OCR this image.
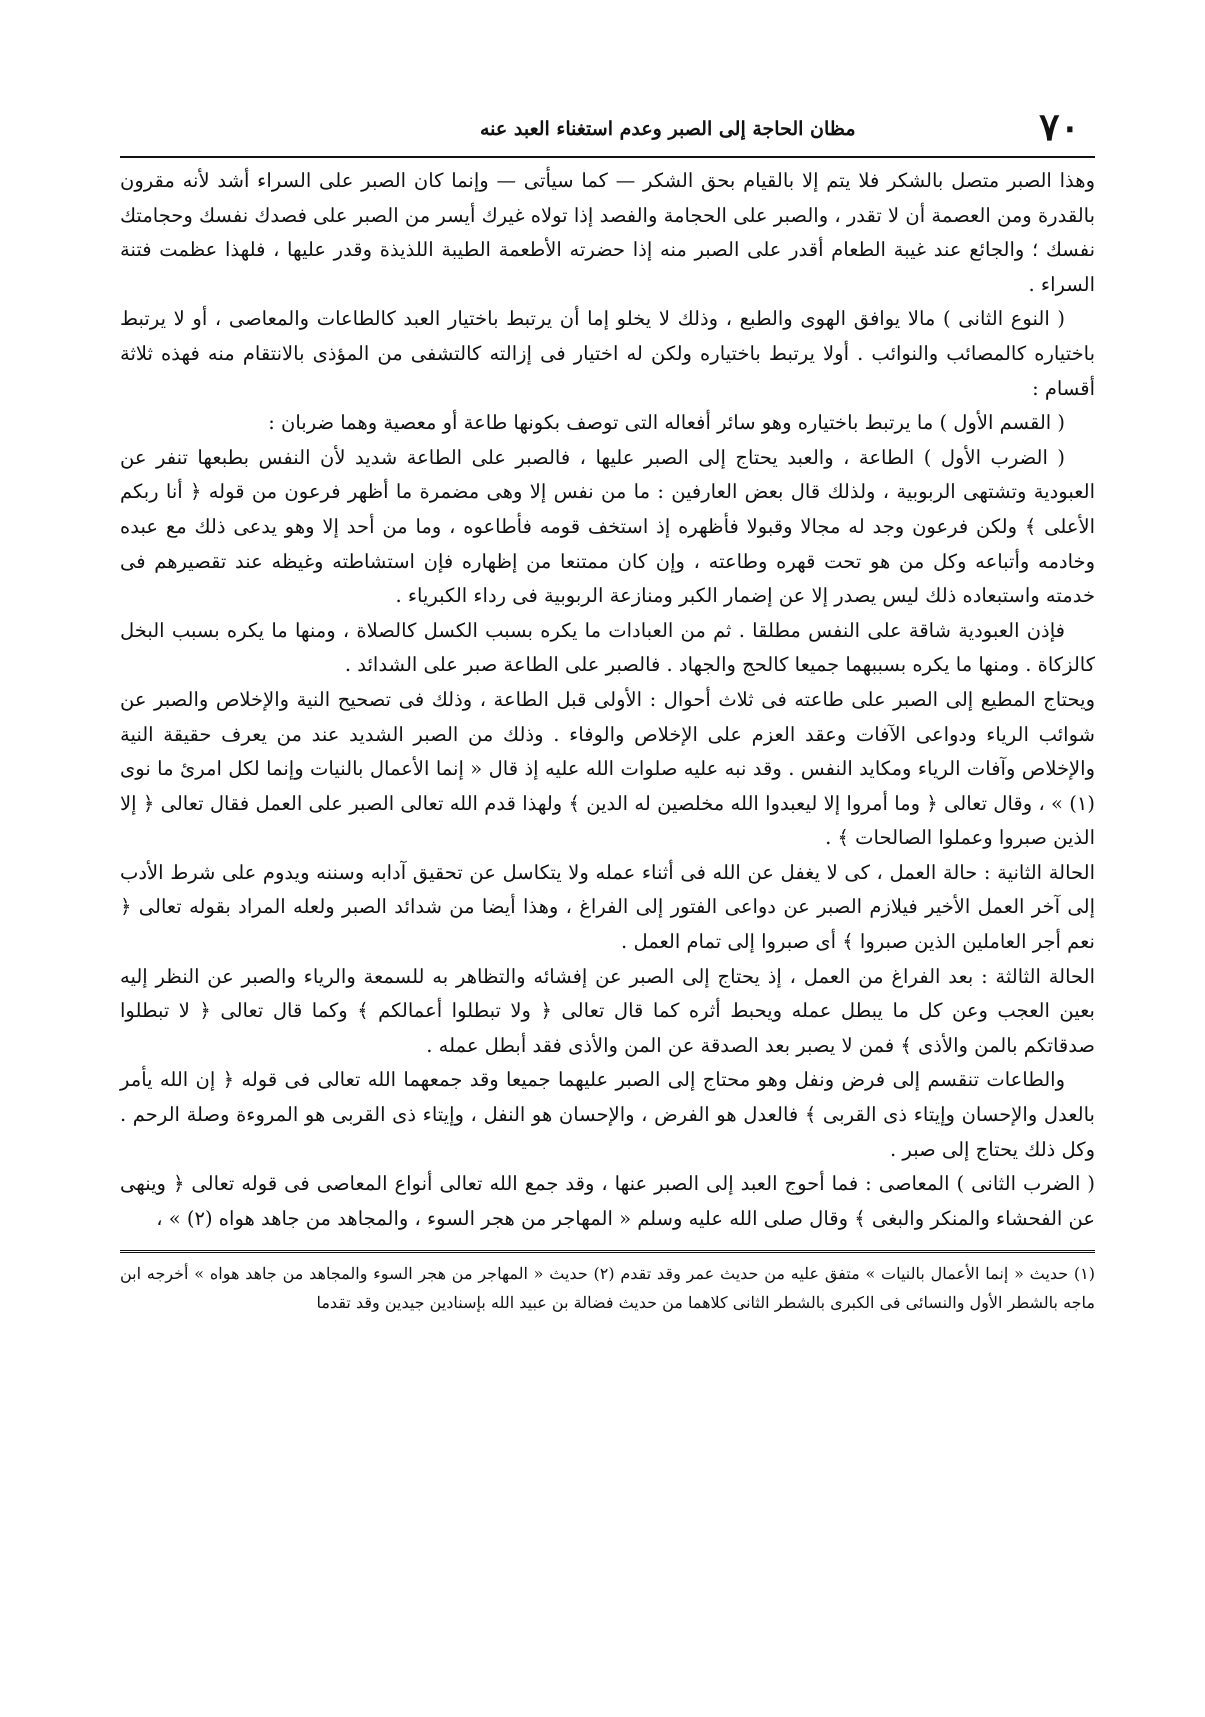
٧٠
مظان الحاجة إلى الصبر وعدم استغناء العبد عنه

وهذا الصبر متصل بالشكر فلا يتم إلا بالقيام بحق الشكر — كما سيأتى — وإنما كان الصبر على السراء أشد لأنه مقرون بالقدرة ومن العصمة أن لا تقدر ، والصبر على الحجامة والفصد إذا تولاه غيرك أيسر من الصبر على فصدك نفسك وحجامتك نفسك ؛ والجائع عند غيبة الطعام أقدر على الصبر منه إذا حضرته الأطعمة الطيبة اللذيذة وقدر عليها ، فلهذا عظمت فتنة السراء .

( النوع الثانى ) مالا يوافق الهوى والطبع ، وذلك لا يخلو إما أن يرتبط باختيار العبد كالطاعات والمعاصى ، أو لا يرتبط باختياره كالمصائب والنوائب . أولا يرتبط باختياره ولكن له اختيار فى إزالته كالتشفى من المؤذى بالانتقام منه فهذه ثلاثة أقسام :

( القسم الأول ) ما يرتبط باختياره وهو سائر أفعاله التى توصف بكونها طاعة أو معصية وهما ضربان :

( الضرب الأول ) الطاعة ، والعبد يحتاج إلى الصبر عليها ، فالصبر على الطاعة شديد لأن النفس بطبعها تنفر عن العبودية وتشتهى الربوبية ، ولذلك قال بعض العارفين : ما من نفس إلا وهى مضمرة ما أظهر فرعون من قوله ﴿ أنا ربكم الأعلى ﴾ ولكن فرعون وجد له مجالا وقبولا فأظهره إذ استخف قومه فأطاعوه ، وما من أحد إلا وهو يدعى ذلك مع عبده وخادمه وأتباعه وكل من هو تحت قهره وطاعته ، وإن كان ممتنعا من إظهاره فإن استشاطته وغيظه عند تقصيرهم فى خدمته واستبعاده ذلك ليس يصدر إلا عن إضمار الكبر ومنازعة الربوبية فى رداء الكبرياء .

فإذن العبودية شاقة على النفس مطلقا . ثم من العبادات ما يكره بسبب الكسل كالصلاة ، ومنها ما يكره بسبب البخل كالزكاة . ومنها ما يكره بسببهما جميعا كالحج والجهاد . فالصبر على الطاعة صبر على الشدائد .

ويحتاج المطيع إلى الصبر على طاعته فى ثلاث أحوال : الأولى قبل الطاعة ، وذلك فى تصحيح النية والإخلاص والصبر عن شوائب الرياء ودواعى الآفات وعقد العزم على الإخلاص والوفاء . وذلك من الصبر الشديد عند من يعرف حقيقة النية والإخلاص وآفات الرياء ومكايد النفس . وقد نبه عليه صلوات الله عليه إذ قال « إنما الأعمال بالنيات وإنما لكل امرئ ما نوى (١) » ، وقال تعالى ﴿ وما أمروا إلا ليعبدوا الله مخلصين له الدين ﴾ ولهذا قدم الله تعالى الصبر على العمل فقال تعالى ﴿ إلا الذين صبروا وعملوا الصالحات ﴾ .

الحالة الثانية : حالة العمل ، كى لا يغفل عن الله فى أثناء عمله ولا يتكاسل عن تحقيق آدابه وسننه ويدوم على شرط الأدب إلى آخر العمل الأخير فيلازم الصبر عن دواعى الفتور إلى الفراغ ، وهذا أيضا من شدائد الصبر ولعله المراد بقوله تعالى ﴿ نعم أجر العاملين الذين صبروا ﴾ أى صبروا إلى تمام العمل .

الحالة الثالثة : بعد الفراغ من العمل ، إذ يحتاج إلى الصبر عن إفشائه والتظاهر به للسمعة والرياء والصبر عن النظر إليه بعين العجب وعن كل ما يبطل عمله ويحبط أثره كما قال تعالى ﴿ ولا تبطلوا أعمالكم ﴾ وكما قال تعالى ﴿ لا تبطلوا صدقاتكم بالمن والأذى ﴾ فمن لا يصبر بعد الصدقة عن المن والأذى فقد أبطل عمله .

والطاعات تنقسم إلى فرض ونفل وهو محتاج إلى الصبر عليهما جميعا وقد جمعهما الله تعالى فى قوله ﴿ إن الله يأمر بالعدل والإحسان وإيتاء ذى القربى ﴾ فالعدل هو الفرض ، والإحسان هو النفل ، وإيتاء ذى القربى هو المروءة وصلة الرحم . وكل ذلك يحتاج إلى صبر .

( الضرب الثانى ) المعاصى : فما أحوج العبد إلى الصبر عنها ، وقد جمع الله تعالى أنواع المعاصى فى قوله تعالى ﴿ وينهى عن الفحشاء والمنكر والبغى ﴾ وقال صلى الله عليه وسلم « المهاجر من هجر السوء ، والمجاهد من جاهد هواه (٢) » ،

(١) حديث « إنما الأعمال بالنيات » متفق عليه من حديث عمر وقد تقدم (٢) حديث « المهاجر من هجر السوء والمجاهد من جاهد هواه » أخرجه ابن ماجه بالشطر الأول والنسائى فى الكبرى بالشطر الثانى كلاهما من حديث فضالة بن عبيد الله بإسنادين جيدين وقد تقدما
